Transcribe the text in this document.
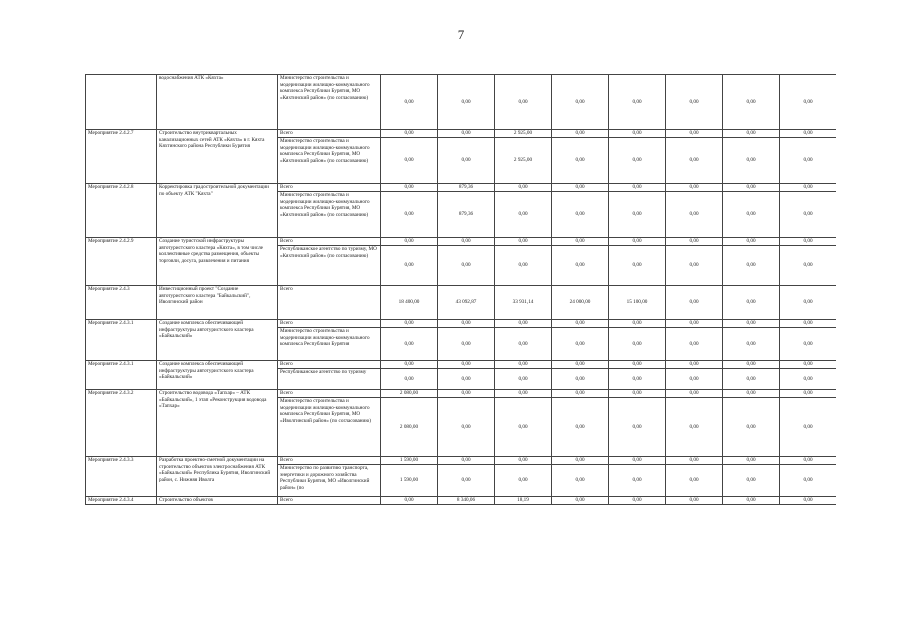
7
	водоснабжения АТК «Кяхта»	Министерство строительства и модернизации жилищно-коммунального комплекса Республики Бурятия, МО «Кяхтинский район» (по согласованию)	0,00	0,00	0,00	0,00	0,00	0,00	0,00	0,00
Мероприятие 2.4.2.7	Строительство внутриквартальных канализационных сетей АТК «Кяхта» в г. Кяхта Кяхтинского района Республики Бурятия	Всего	0,00	0,00	2 925,00	0,00	0,00	0,00	0,00	0,00
		Министерство строительства и модернизации жилищно-коммунального комплекса Республики Бурятия, МО «Кяхтинский район» (по согласованию)	0,00	0,00	2 925,00	0,00	0,00	0,00	0,00	0,00
Мероприятие 2.4.2.8	Корректировка градостроительной документации по объекту АТК "Кяхта"	Всего	0,00	879,36	0,00	0,00	0,00	0,00	0,00	0,00
		Министерство строительства и модернизации жилищно-коммунального комплекса Республики Бурятия, МО «Кяхтинский район» (по согласованию)	0,00	879,36	0,00	0,00	0,00	0,00	0,00	0,00
Мероприятие 2.4.2.9	Создание туристской инфраструктуры автотуристского кластера «Кяхта», в том числе коллективные средства размещения, объекты торговли, досуга, развлечения и питания	Всего	0,00	0,00	0,00	0,00	0,00	0,00	0,00	0,00
		Республиканское агентство по туризму, МО «Кяхтинский район» (по согласованию)	0,00	0,00	0,00	0,00	0,00	0,00	0,00	0,00
Мероприятие 2.4.3	Инвестиционный проект "Создание автотуристского кластера "Байкальский", Иволгинский район	Всего	18 400,00	43 092,87	33 931,14	24 000,00	15 100,00	0,00	0,00	0,00
Мероприятие 2.4.3.1	Создание комплекса обеспечивающей инфраструктуры автотуристского кластера «Байкальский»	Всего	0,00	0,00	0,00	0,00	0,00	0,00	0,00	0,00
		Министерство строительства и модернизации жилищно-коммунального комплекса Республики Бурятия	0,00	0,00	0,00	0,00	0,00	0,00	0,00	0,00
Мероприятие 2.4.3.1	Создание комплекса обеспечивающей инфраструктуры автотуристского кластера «Байкальский»	Всего	0,00	0,00	0,00	0,00	0,00	0,00	0,00	0,00
		Республиканское агентство по туризму	0,00	0,00	0,00	0,00	0,00	0,00	0,00	0,00
Мероприятие 2.4.3.2	Строительство водовода «Тапхар» – АТК «Байкальский», 1 этап «Реконструкция водовода «Тапхар»	Всего	2 080,00	0,00	0,00	0,00	0,00	0,00	0,00	0,00
		Министерство строительства и модернизации жилищно-коммунального комплекса Республики Бурятия, МО «Иволгинский район» (по согласованию)	2 080,00	0,00	0,00	0,00	0,00	0,00	0,00	0,00
Мероприятие 2.4.3.3	Разработка проектно-сметной документации на строительство объектов электроснабжения АТК «Байкальский» Республика Бурятия, Иволгинский район, с. Нижняя Иволга	Всего	1 590,00	0,00	0,00	0,00	0,00	0,00	0,00	0,00
		Министерство по развитию транспорта, энергетики и дорожного хозяйства Республики Бурятия, МО «Иволгинский район» (по	1 590,00	0,00	0,00	0,00	0,00	0,00	0,00	0,00
Мероприятие 2.4.3.4	Строительство объектов	Всего	0,00	8 340,06	18,19	0,00	0,00	0,00	0,00	0,00
